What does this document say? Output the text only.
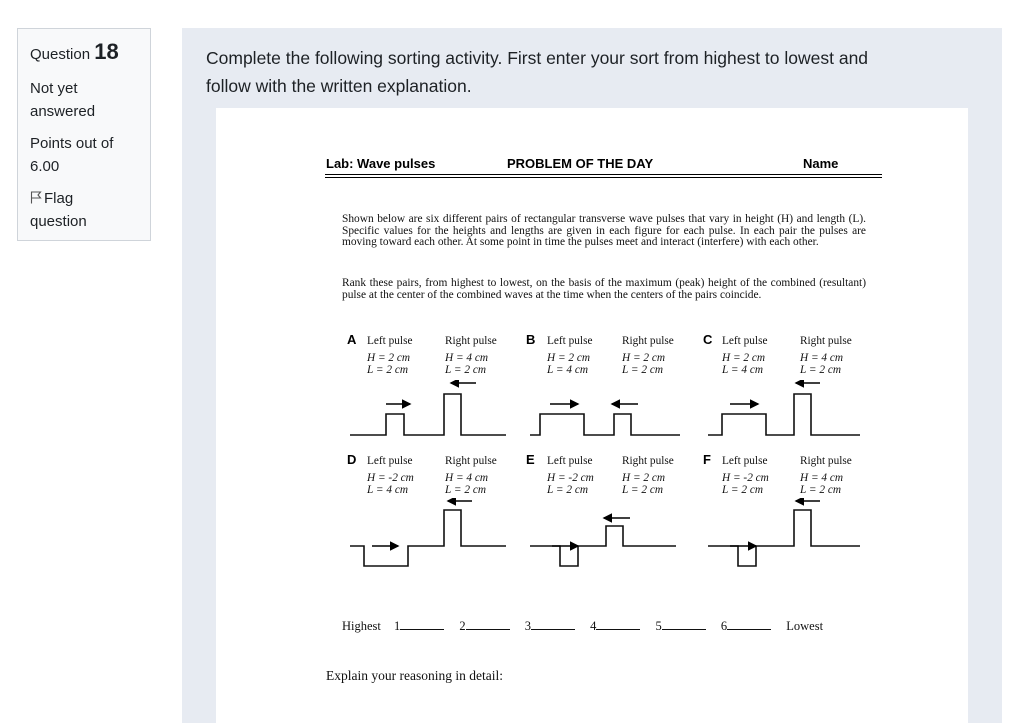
Question 18
Not yet
answered
Points out of
6.00
Flag
question
Complete the following sorting activity. First enter your sort from highest to lowest and
follow with the written explanation.
Lab: Wave pulses	PROBLEM OF THE DAY	Name
Shown below are six different pairs of rectangular transverse wave pulses that vary in height (H) and length (L). Specific values for the heights and lengths are given in each figure for each pulse. In each pair the pulses are moving toward each other. At some point in time the pulses meet and interact (interfere) with each other.
Rank these pairs, from highest to lowest, on the basis of the maximum (peak) height of the combined (resultant) pulse at the center of the combined waves at the time when the centers of the pairs coincide.
A	B	C
D	E	F
Left pulse	Right pulse
H = 2 cm
L = 2 cm
H = 4 cm
L = 2 cm
Left pulse	Right pulse
H = 2 cm
L = 4 cm
H = 2 cm
L = 2 cm
Left pulse	Right pulse
H = 2 cm
L = 4 cm
H = 4 cm
L = 2 cm
Left pulse	Right pulse
H = -2 cm
L = 4 cm
H = 4 cm
L = 2 cm
Left pulse	Right pulse
H = -2 cm
L = 2 cm
H = 2 cm
L = 2 cm
Left pulse	Right pulse
H = -2 cm
L = 2 cm
H = 4 cm
L = 2 cm
Highest 1	2	3	4	5	6	Lowest
Explain your reasoning in detail:
